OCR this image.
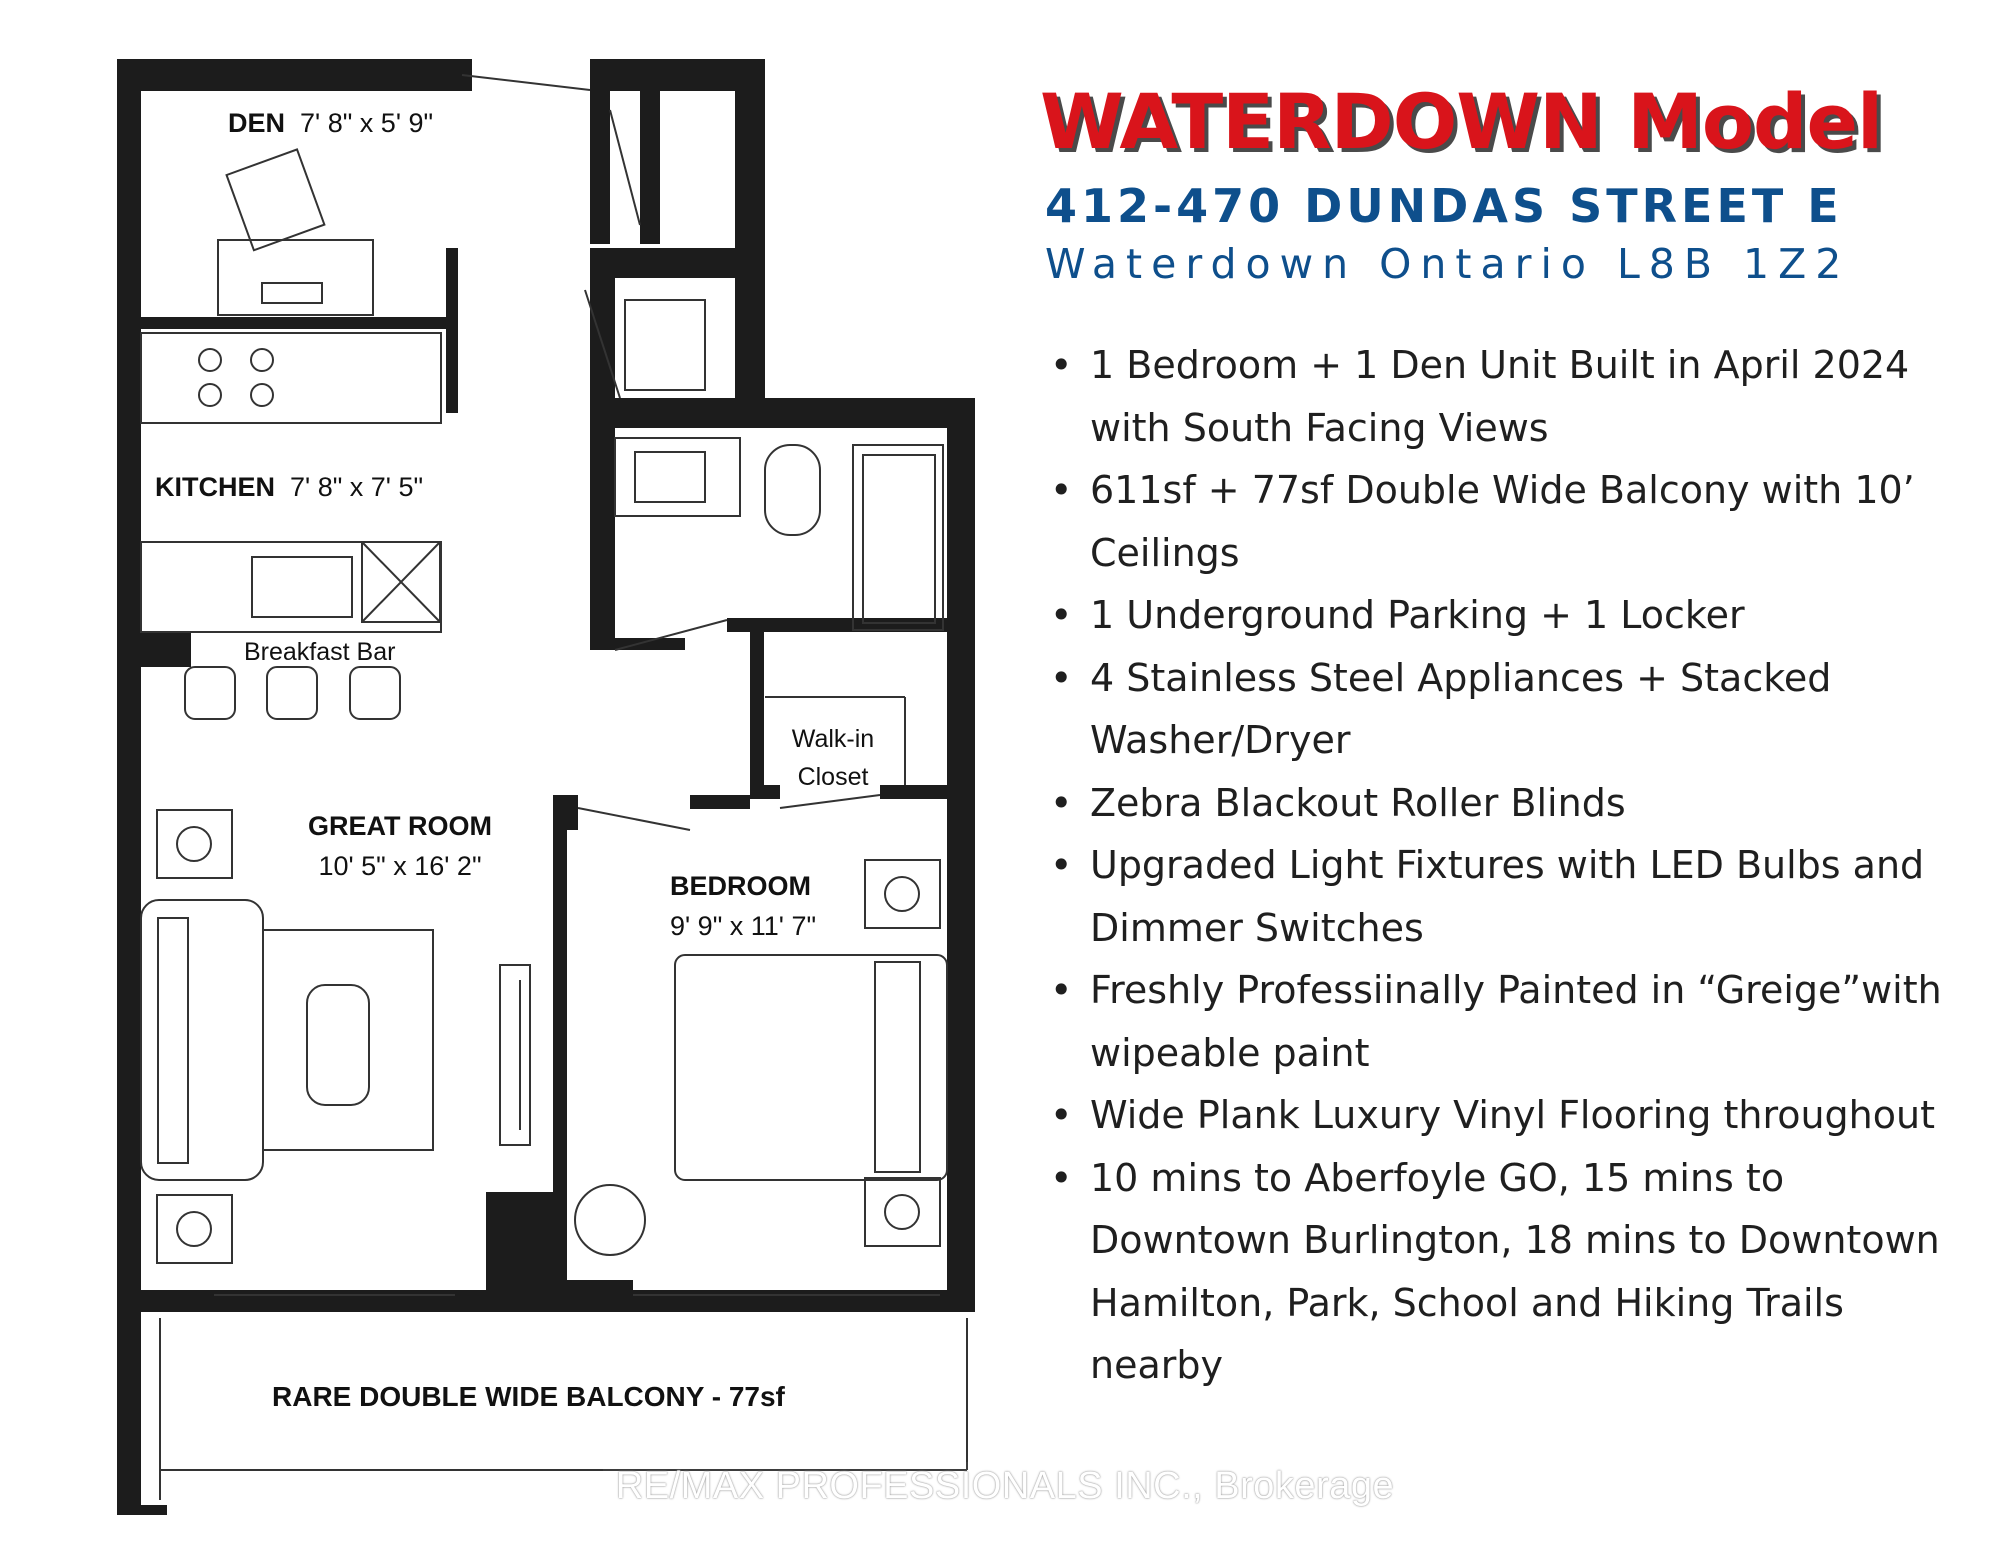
DEN 7' 8" x 5' 9"
KITCHEN 7' 8" x 7' 5"
Breakfast Bar
Walk-in
Closet
GREAT ROOM
10' 5" x 16' 2"
BEDROOM
9' 9" x 11' 7"
RARE DOUBLE WIDE BALCONY - 77sf
RE/MAX PROFESSIONALS INC., Brokerage
WATERDOWN Model
412-470 DUNDAS STREET E
Waterdown Ontario L8B 1Z2
• 1 Bedroom + 1 Den Unit Built in April 2024 with South Facing Views
• 611sf + 77sf Double Wide Balcony with 10’ Ceilings
• 1 Underground Parking + 1 Locker
• 4 Stainless Steel Appliances + Stacked Washer/Dryer
• Zebra Blackout Roller Blinds
• Upgraded Light Fixtures with LED Bulbs and Dimmer Switches
• Freshly Professiinally Painted in “Greige”with wipeable paint
• Wide Plank Luxury Vinyl Flooring throughout
• 10 mins to Aberfoyle GO, 15 mins to Downtown Burlington, 18 mins to Downtown Hamilton, Park, School and Hiking Trails nearby
